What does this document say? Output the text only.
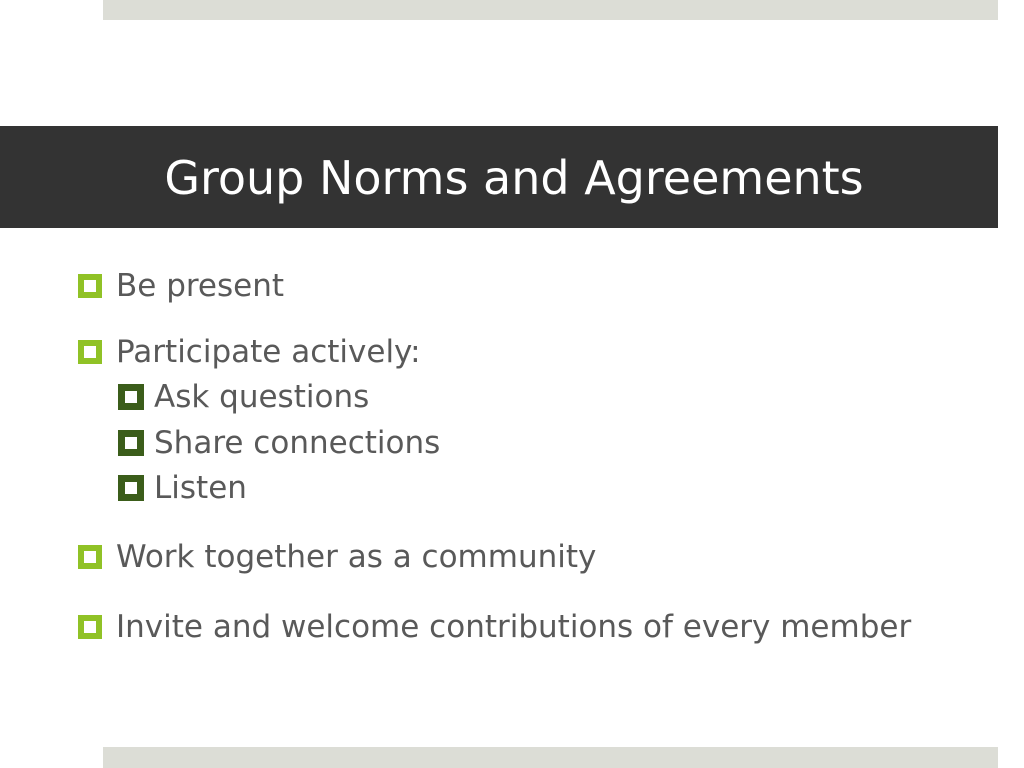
Group Norms and Agreements
Be present
Participate actively:
Ask questions
Share connections
Listen
Work together as a community
Invite and welcome contributions of every member
